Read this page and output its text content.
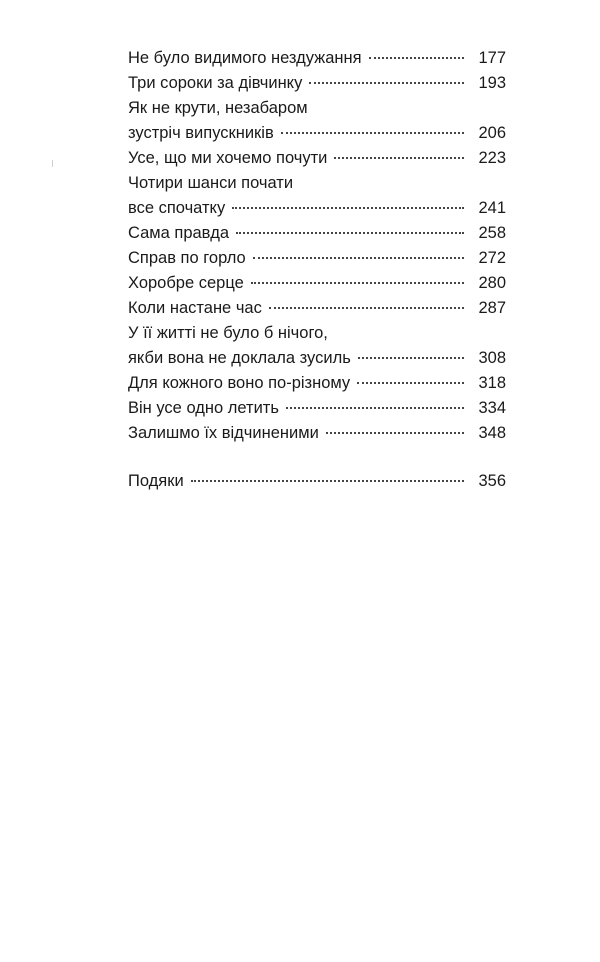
Не було видимого нездужання	177
Три сороки за дівчинку	193
Як не крути, незабаром
зустріч випускників	206
Усе, що ми хочемо почути	223
Чотири шанси почати
все спочатку	241
Сама правда	258
Справ по горло	272
Хоробре серце	280
Коли настане час	287
У її житті не було б нічого,
якби вона не доклала зусиль	308
Для кожного воно по-різному	318
Він усе одно летить	334
Залишмо їх відчиненими	348
Подяки	356
